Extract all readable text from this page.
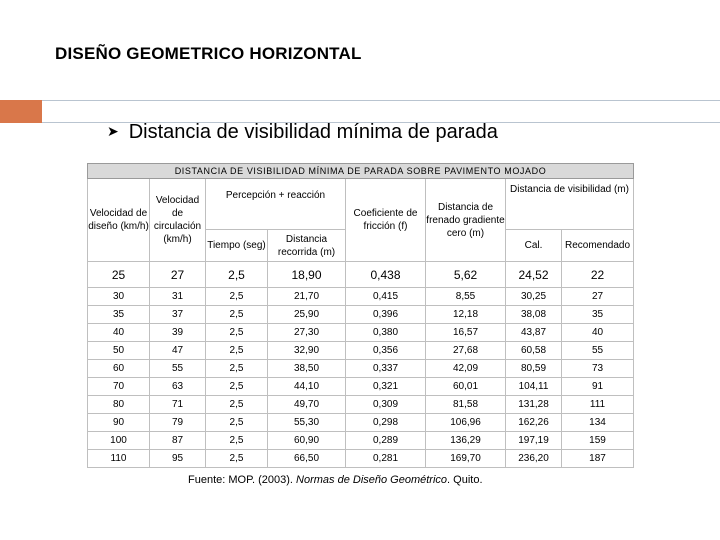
DISEÑO GEOMETRICO HORIZONTAL
➤ Distancia de visibilidad mínima de parada
DISTANCIA DE VISIBILIDAD MÍNIMA DE PARADA SOBRE PAVIMENTO MOJADO							
Velocidad de diseño (km/h)	Velocidad de circulación (km/h)	Percepción + reacción		Coeficiente de fricción (f)	Distancia de frenado gradiente cero (m)	Distancia de visibilidad (m)	
		Tiempo (seg)	Distancia recorrida (m)			Cal.	Recomendado
25	27	2,5	18,90	0,438	5,62	24,52	22
30	31	2,5	21,70	0,415	8,55	30,25	27
35	37	2,5	25,90	0,396	12,18	38,08	35
40	39	2,5	27,30	0,380	16,57	43,87	40
50	47	2,5	32,90	0,356	27,68	60,58	55
60	55	2,5	38,50	0,337	42,09	80,59	73
70	63	2,5	44,10	0,321	60,01	104,11	91
80	71	2,5	49,70	0,309	81,58	131,28	111
90	79	2,5	55,30	0,298	106,96	162,26	134
100	87	2,5	60,90	0,289	136,29	197,19	159
110	95	2,5	66,50	0,281	169,70	236,20	187
Fuente: MOP. (2003). Normas de Diseño Geométrico. Quito.
